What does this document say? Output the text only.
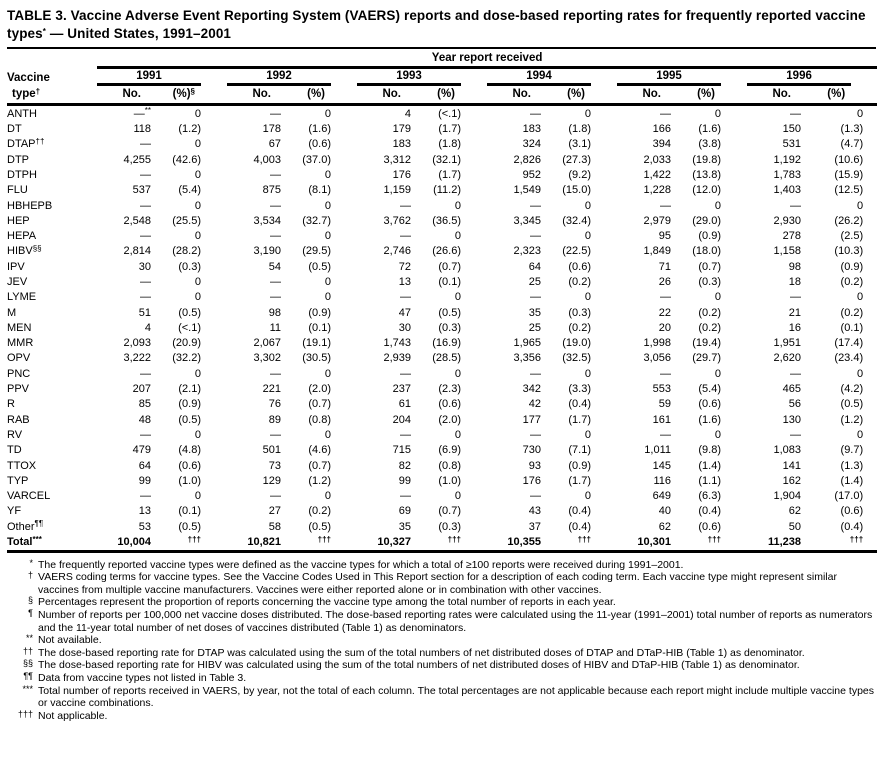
TABLE 3. Vaccine Adverse Event Reporting System (VAERS) reports and dose-based reporting rates for frequently reported vaccine types* — United States, 1991–2001

	Year report received											

Vaccine	1991		1992		1993		1994		1995		1996	

type†	No.	(%)§	No.	(%)	No.	(%)	No.	(%)	No.	(%)	No.	(%)
ANTH	—**	0	—	0	4	(<.1)	—	0	—	0	—	0
DT	118	(1.2)	178	(1.6)	179	(1.7)	183	(1.8)	166	(1.6)	150	(1.3)
DTAP††	—	0	67	(0.6)	183	(1.8)	324	(3.1)	394	(3.8)	531	(4.7)
DTP	4,255	(42.6)	4,003	(37.0)	3,312	(32.1)	2,826	(27.3)	2,033	(19.8)	1,192	(10.6)
DTPH	—	0	—	0	176	(1.7)	952	(9.2)	1,422	(13.8)	1,783	(15.9)
FLU	537	(5.4)	875	(8.1)	1,159	(11.2)	1,549	(15.0)	1,228	(12.0)	1,403	(12.5)
HBHEPB	—	0	—	0	—	0	—	0	—	0	—	0
HEP	2,548	(25.5)	3,534	(32.7)	3,762	(36.5)	3,345	(32.4)	2,979	(29.0)	2,930	(26.2)
HEPA	—	0	—	0	—	0	—	0	95	(0.9)	278	(2.5)
HIBV§§	2,814	(28.2)	3,190	(29.5)	2,746	(26.6)	2,323	(22.5)	1,849	(18.0)	1,158	(10.3)
IPV	30	(0.3)	54	(0.5)	72	(0.7)	64	(0.6)	71	(0.7)	98	(0.9)
JEV	—	0	—	0	13	(0.1)	25	(0.2)	26	(0.3)	18	(0.2)
LYME	—	0	—	0	—	0	—	0	—	0	—	0
M	51	(0.5)	98	(0.9)	47	(0.5)	35	(0.3)	22	(0.2)	21	(0.2)
MEN	4	(<.1)	11	(0.1)	30	(0.3)	25	(0.2)	20	(0.2)	16	(0.1)
MMR	2,093	(20.9)	2,067	(19.1)	1,743	(16.9)	1,965	(19.0)	1,998	(19.4)	1,951	(17.4)
OPV	3,222	(32.2)	3,302	(30.5)	2,939	(28.5)	3,356	(32.5)	3,056	(29.7)	2,620	(23.4)
PNC	—	0	—	0	—	0	—	0	—	0	—	0
PPV	207	(2.1)	221	(2.0)	237	(2.3)	342	(3.3)	553	(5.4)	465	(4.2)
R	85	(0.9)	76	(0.7)	61	(0.6)	42	(0.4)	59	(0.6)	56	(0.5)
RAB	48	(0.5)	89	(0.8)	204	(2.0)	177	(1.7)	161	(1.6)	130	(1.2)
RV	—	0	—	0	—	0	—	0	—	0	—	0
TD	479	(4.8)	501	(4.6)	715	(6.9)	730	(7.1)	1,011	(9.8)	1,083	(9.7)
TTOX	64	(0.6)	73	(0.7)	82	(0.8)	93	(0.9)	145	(1.4)	141	(1.3)
TYP	99	(1.0)	129	(1.2)	99	(1.0)	176	(1.7)	116	(1.1)	162	(1.4)
VARCEL	—	0	—	0	—	0	—	0	649	(6.3)	1,904	(17.0)
YF	13	(0.1)	27	(0.2)	69	(0.7)	43	(0.4)	40	(0.4)	62	(0.6)
Other¶¶	53	(0.5)	58	(0.5)	35	(0.3)	37	(0.4)	62	(0.6)	50	(0.4)
Total***	10,004	†††	10,821	†††	10,327	†††	10,355	†††	10,301	†††	11,238	†††
* The frequently reported vaccine types were defined as the vaccine types for which a total of ≥100 reports were received during 1991–2001.
† VAERS coding terms for vaccine types. See the Vaccine Codes Used in This Report section for a description of each coding term. Each vaccine type might represent similar vaccines from multiple vaccine manufacturers. Vaccines were either reported alone or in combination with other vaccines.
§ Percentages represent the proportion of reports concerning the vaccine type among the total number of reports in each year.
¶ Number of reports per 100,000 net vaccine doses distributed. The dose-based reporting rates were calculated using the 11-year (1991–2001) total number of reports as numerators and the 11-year total number of net doses of vaccines distributed (Table 1) as denominators.
** Not available.
†† The dose-based reporting rate for DTAP was calculated using the sum of the total numbers of net distributed doses of DTAP and DTaP-HIB (Table 1) as denominator.
§§ The dose-based reporting rate for HIBV was calculated using the sum of the total numbers of net distributed doses of HIBV and DTaP-HIB (Table 1) as denominator.
¶¶ Data from vaccine types not listed in Table 3.
*** Total number of reports received in VAERS, by year, not the total of each column. The total percentages are not applicable because each report might include multiple vaccine types or vaccine combinations.
††† Not applicable.
